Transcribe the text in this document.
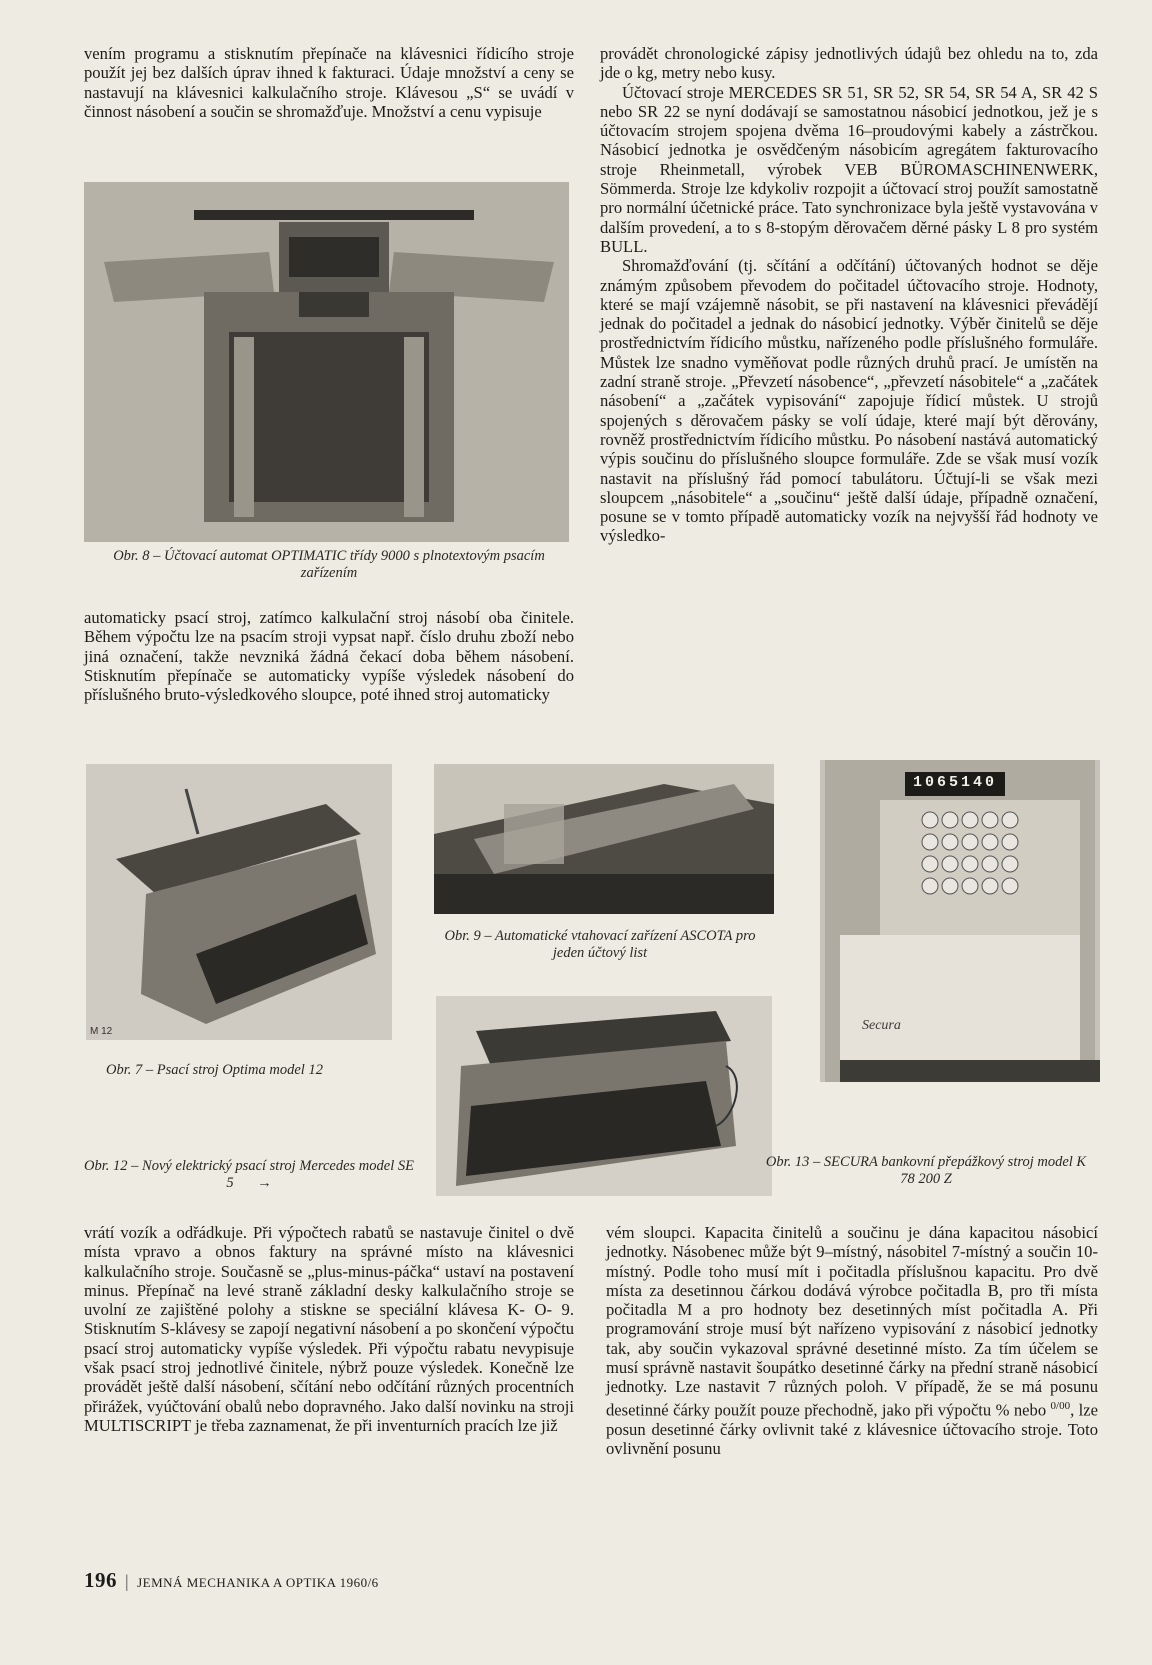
vením programu a stisknutím přepínače na klávesnici řídicího stroje použít jej bez dalších úprav ihned k fakturaci. Údaje množství a ceny se nastavují na klávesnici kalkulačního stroje. Klávesou „S“ se uvádí v činnost násobení a součin se shromažďuje. Množství a cenu vypisuje

Obr. 8 – Účtovací automat OPTIMATIC třídy 9000 s plnotextovým psacím zařízením

automaticky psací stroj, zatímco kalkulační stroj násobí oba činitele. Během výpočtu lze na psacím stroji vypsat např. číslo druhu zboží nebo jiná označení, takže nevzniká žádná čekací doba během násobení. Stisknutím přepínače se automaticky vypíše výsledek násobení do příslušného bruto-výsledkového sloupce, poté ihned stroj automaticky

provádět chronologické zápisy jednotlivých údajů bez ohledu na to, zda jde o kg, metry nebo kusy.

Účtovací stroje MERCEDES SR 51, SR 52, SR 54, SR 54 A, SR 42 S nebo SR 22 se nyní dodávají se samostatnou násobicí jednotkou, jež je s účtovacím strojem spojena dvěma 16–proudovými kabely a zástrčkou. Násobicí jednotka je osvědčeným násobicím agregátem fakturovacího stroje Rheinmetall, výrobek VEB BÜROMASCHINENWERK, Sömmerda. Stroje lze kdykoliv rozpojit a účtovací stroj použít samostatně pro normální účetnické práce. Tato synchronizace byla ještě vystavována v dalším provedení, a to s 8-stopým děrovačem děrné pásky L 8 pro systém BULL.

Shromažďování (tj. sčítání a odčítání) účtovaných hodnot se děje známým způsobem převodem do počitadel účtovacího stroje. Hodnoty, které se mají vzájemně násobit, se při nastavení na klávesnici převádějí jednak do počitadel a jednak do násobicí jednotky. Výběr činitelů se děje prostřednictvím řídicího můstku, nařízeného podle příslušného formuláře. Můstek lze snadno vyměňovat podle různých druhů prací. Je umístěn na zadní straně stroje. „Převzetí násobence“, „převzetí násobitele“ a „začátek násobení“ a „začátek vypisování“ zapojuje řídicí můstek. U strojů spojených s děrovačem pásky se volí údaje, které mají být děrovány, rovněž prostřednictvím řídicího můstku. Po násobení nastává automatický výpis součinu do příslušného sloupce formuláře. Zde se však musí vozík nastavit na příslušný řád pomocí tabulátoru. Účtují-li se však mezi sloupcem „násobitele“ a „součinu“ ještě další údaje, případně označení, posune se v tomto případě automaticky vozík na nejvyšší řád hodnoty ve výsledko-

M 12
Obr. 7 – Psací stroj Optima model 12
Obr. 9 – Automatické vtahovací zařízení ASCOTA pro jeden účtový list
Obr. 12 – Nový elektrický psací stroj Mercedes model SE 5 →
1065140
Secura
Obr. 13 – SECURA bankovní přepážkový stroj model K 78 200 Z

vrátí vozík a odřádkuje. Při výpočtech rabatů se nastavuje činitel o dvě místa vpravo a obnos faktury na správné místo na klávesnici kalkulačního stroje. Současně se „plus-minus-páčka“ ustaví na postavení minus. Přepínač na levé straně základní desky kalkulačního stroje se uvolní ze zajištěné polohy a stiskne se speciální klávesa K- O- 9. Stisknutím S-klávesy se zapojí negativní násobení a po skončení výpočtu psací stroj automaticky vypíše výsledek. Při výpočtu rabatu nevypisuje však psací stroj jednotlivé činitele, nýbrž pouze výsledek. Konečně lze provádět ještě další násobení, sčítání nebo odčítání různých procentních přirážek, vyúčtování obalů nebo dopravného. Jako další novinku na stroji MULTISCRIPT je třeba zaznamenat, že při inventurních pracích lze již

vém sloupci. Kapacita činitelů a součinu je dána kapacitou násobicí jednotky. Násobenec může být 9–místný, násobitel 7-místný a součin 10-místný. Podle toho musí mít i počitadla příslušnou kapacitu. Pro dvě místa za desetinnou čárkou dodává výrobce počitadla B, pro tři místa počitadla M a pro hodnoty bez desetinných míst počitadla A. Při programování stroje musí být nařízeno vypisování z násobicí jednotky tak, aby součin vykazoval správné desetinné místo. Za tím účelem se musí správně nastavit šoupátko desetinné čárky na přední straně násobicí jednotky. Lze nastavit 7 různých poloh. V případě, že se má posunu desetinné čárky použít pouze přechodně, jako při výpočtu % nebo $^{0/00}$, lze posun desetinné čárky ovlivnit také z klávesnice účtovacího stroje. Toto ovlivnění posunu

196 | JEMNÁ MECHANIKA A OPTIKA 1960/6
